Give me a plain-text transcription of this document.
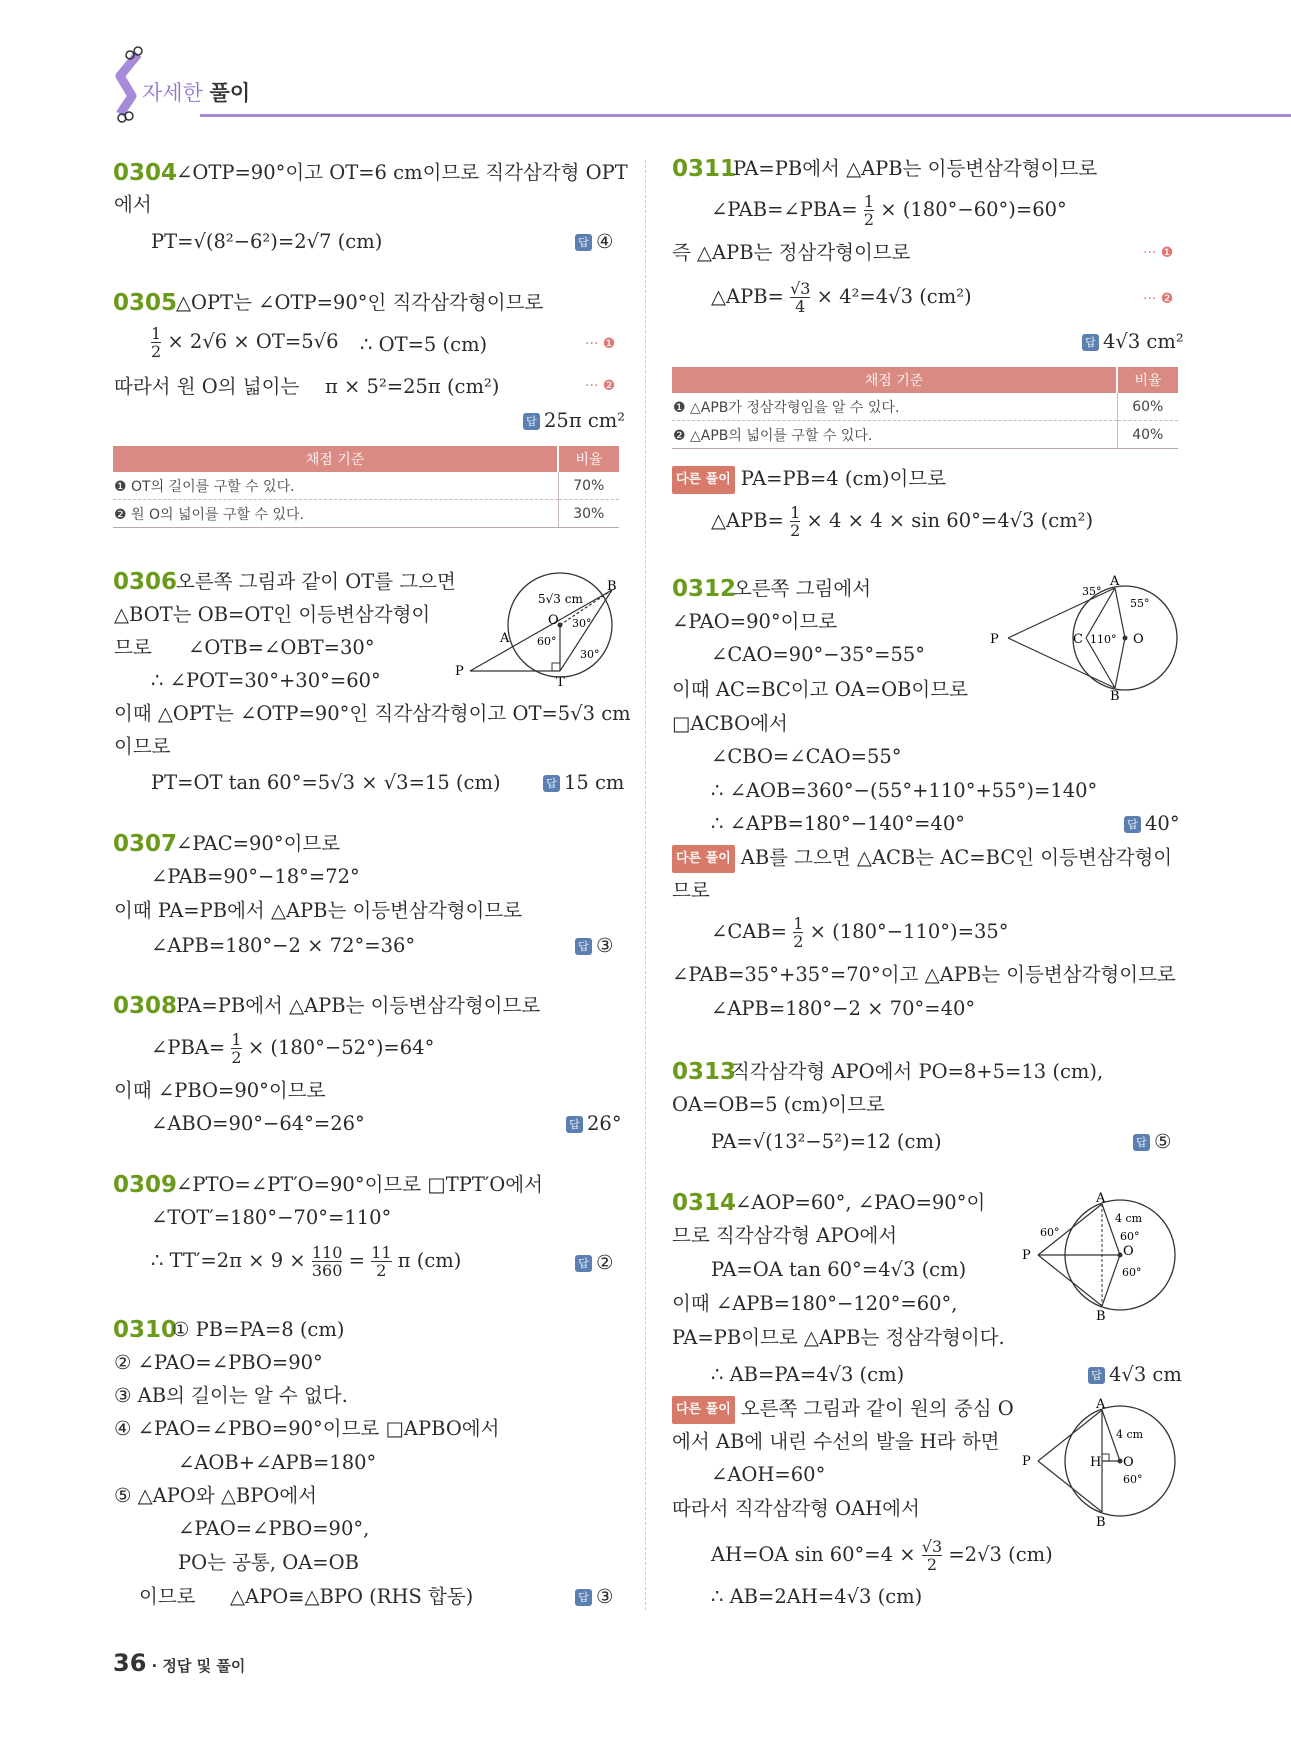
자세한 풀이
0304
∠OTP=90°이고 OT=6 cm이므로 직각삼각형 OPT
에서
PT=√(8²−6²)=2√7 (cm)	답 ④
0305
△OPT는 ∠OTP=90°인 직각삼각형이므로
$\frac{1}{2} \times 2√6 \times OT=5√6$ ∴ OT=5 (cm)	··· ❶
따라서 원 O의 넓이는 π × 5²=25π (cm²)	··· ❷
답 25π cm²
채점 기준	비율
❶ OT의 길이를 구할 수 있다.	70%
❷ 원 O의 넓이를 구할 수 있다.	30%
0306
오른쪽 그림과 같이 OT를 그으면
△BOT는 OB=OT인 이등변삼각형이
므로 ∠OTB=∠OBT=30°
∴ ∠POT=30°+30°=60°
이때 △OPT는 ∠OTP=90°인 직각삼각형이고 OT=5√3 cm
이므로
PT=OT tan 60°=5√3 × √3=15 (cm)	답 15 cm
A
B
O
P
T
5√3 cm
30°
60°
30°
0307
∠PAC=90°이므로
∠PAB=90°−18°=72°
이때 PA=PB에서 △APB는 이등변삼각형이므로
∠APB=180°−2 × 72°=36°	답 ③
0308
PA=PB에서 △APB는 이등변삼각형이므로
∠PBA= $\frac{1}{2} \times (180^\circ-52^\circ)=64^\circ$
이때 ∠PBO=90°이므로
∠ABO=90°−64°=26°	답 26°
0309
∠PTO=∠PT′O=90°이므로 □TPT′O에서
∠TOT′=180°−70°=110°
∴ $TT'=2\pi \times 9 \times \frac{110}{360} = \frac{11}{2}$ π (cm)	답 ②
0310
① PB=PA=8 (cm)
② ∠PAO=∠PBO=90°
③ AB의 길이는 알 수 없다.
④ ∠PAO=∠PBO=90°이므로 □APBO에서
∠AOB+∠APB=180°
⑤ △APO와 △BPO에서
∠PAO=∠PBO=90°,
PO는 공통, OA=OB
이므로 △APO≡△BPO (RHS 합동)	답 ③
0311
PA=PB에서 △APB는 이등변삼각형이므로
∠PAB=∠PBA= $\frac{1}{2} \times (180^\circ-60^\circ)=60^\circ$
즉 △APB는 정삼각형이므로	··· ❶
△APB= $\frac{√3}{4} \times 4^2=4√3$ (cm²)	··· ❷
답 4√3 cm²
채점 기준	비율
❶ △APB가 정삼각형임을 알 수 있다.	60%
❷ △APB의 넓이를 구할 수 있다.	40%
다른 풀이 PA=PB=4 (cm)이므로
△APB= $\frac{1}{2} \times 4 \times 4 \times \sin 60^\circ=4√3$ (cm²)
0312
오른쪽 그림에서
∠PAO=90°이므로
∠CAO=90°−35°=55°
이때 AC=BC이고 OA=OB이므로
□ACBO에서
∠CBO=∠CAO=55°
∴ ∠AOB=360°−(55°+110°+55°)=140°
∴ ∠APB=180°−140°=40°	답 40°
다른 풀이 AB를 그으면 △ACB는 AC=BC인 이등변삼각형이
므로
∠CAB= $\frac{1}{2} \times (180^\circ-110^\circ)=35^\circ$
∠PAB=35°+35°=70°이고 △APB는 이등변삼각형이므로
∠APB=180°−2 × 70°=40°
A
B
C	O
P
35°
55°
110°
0313
직각삼각형 APO에서 PO=8+5=13 (cm),
OA=OB=5 (cm)이므로
PA=√(13²−5²)=12 (cm)	답 ⑤
0314
∠AOP=60°, ∠PAO=90°이
므로 직각삼각형 APO에서
PA=OA tan 60°=4√3 (cm)
이때 ∠APB=180°−120°=60°,
PA=PB이므로 △APB는 정삼각형이다.
∴ AB=PA=4√3 (cm)	답 4√3 cm
다른 풀이 오른쪽 그림과 같이 원의 중심 O
에서 AB에 내린 수선의 발을 H라 하면
∠AOH=60°
따라서 직각삼각형 OAH에서
AH=OA $\sin 60^\circ=4 \times \frac{√3}{2} =2√3$ (cm)
∴ AB=2AH=4√3 (cm)
A
B
O
P
60°
4 cm
60°
60°
A
B
H O
P
4 cm
60°
36 · 정답 및 풀이
